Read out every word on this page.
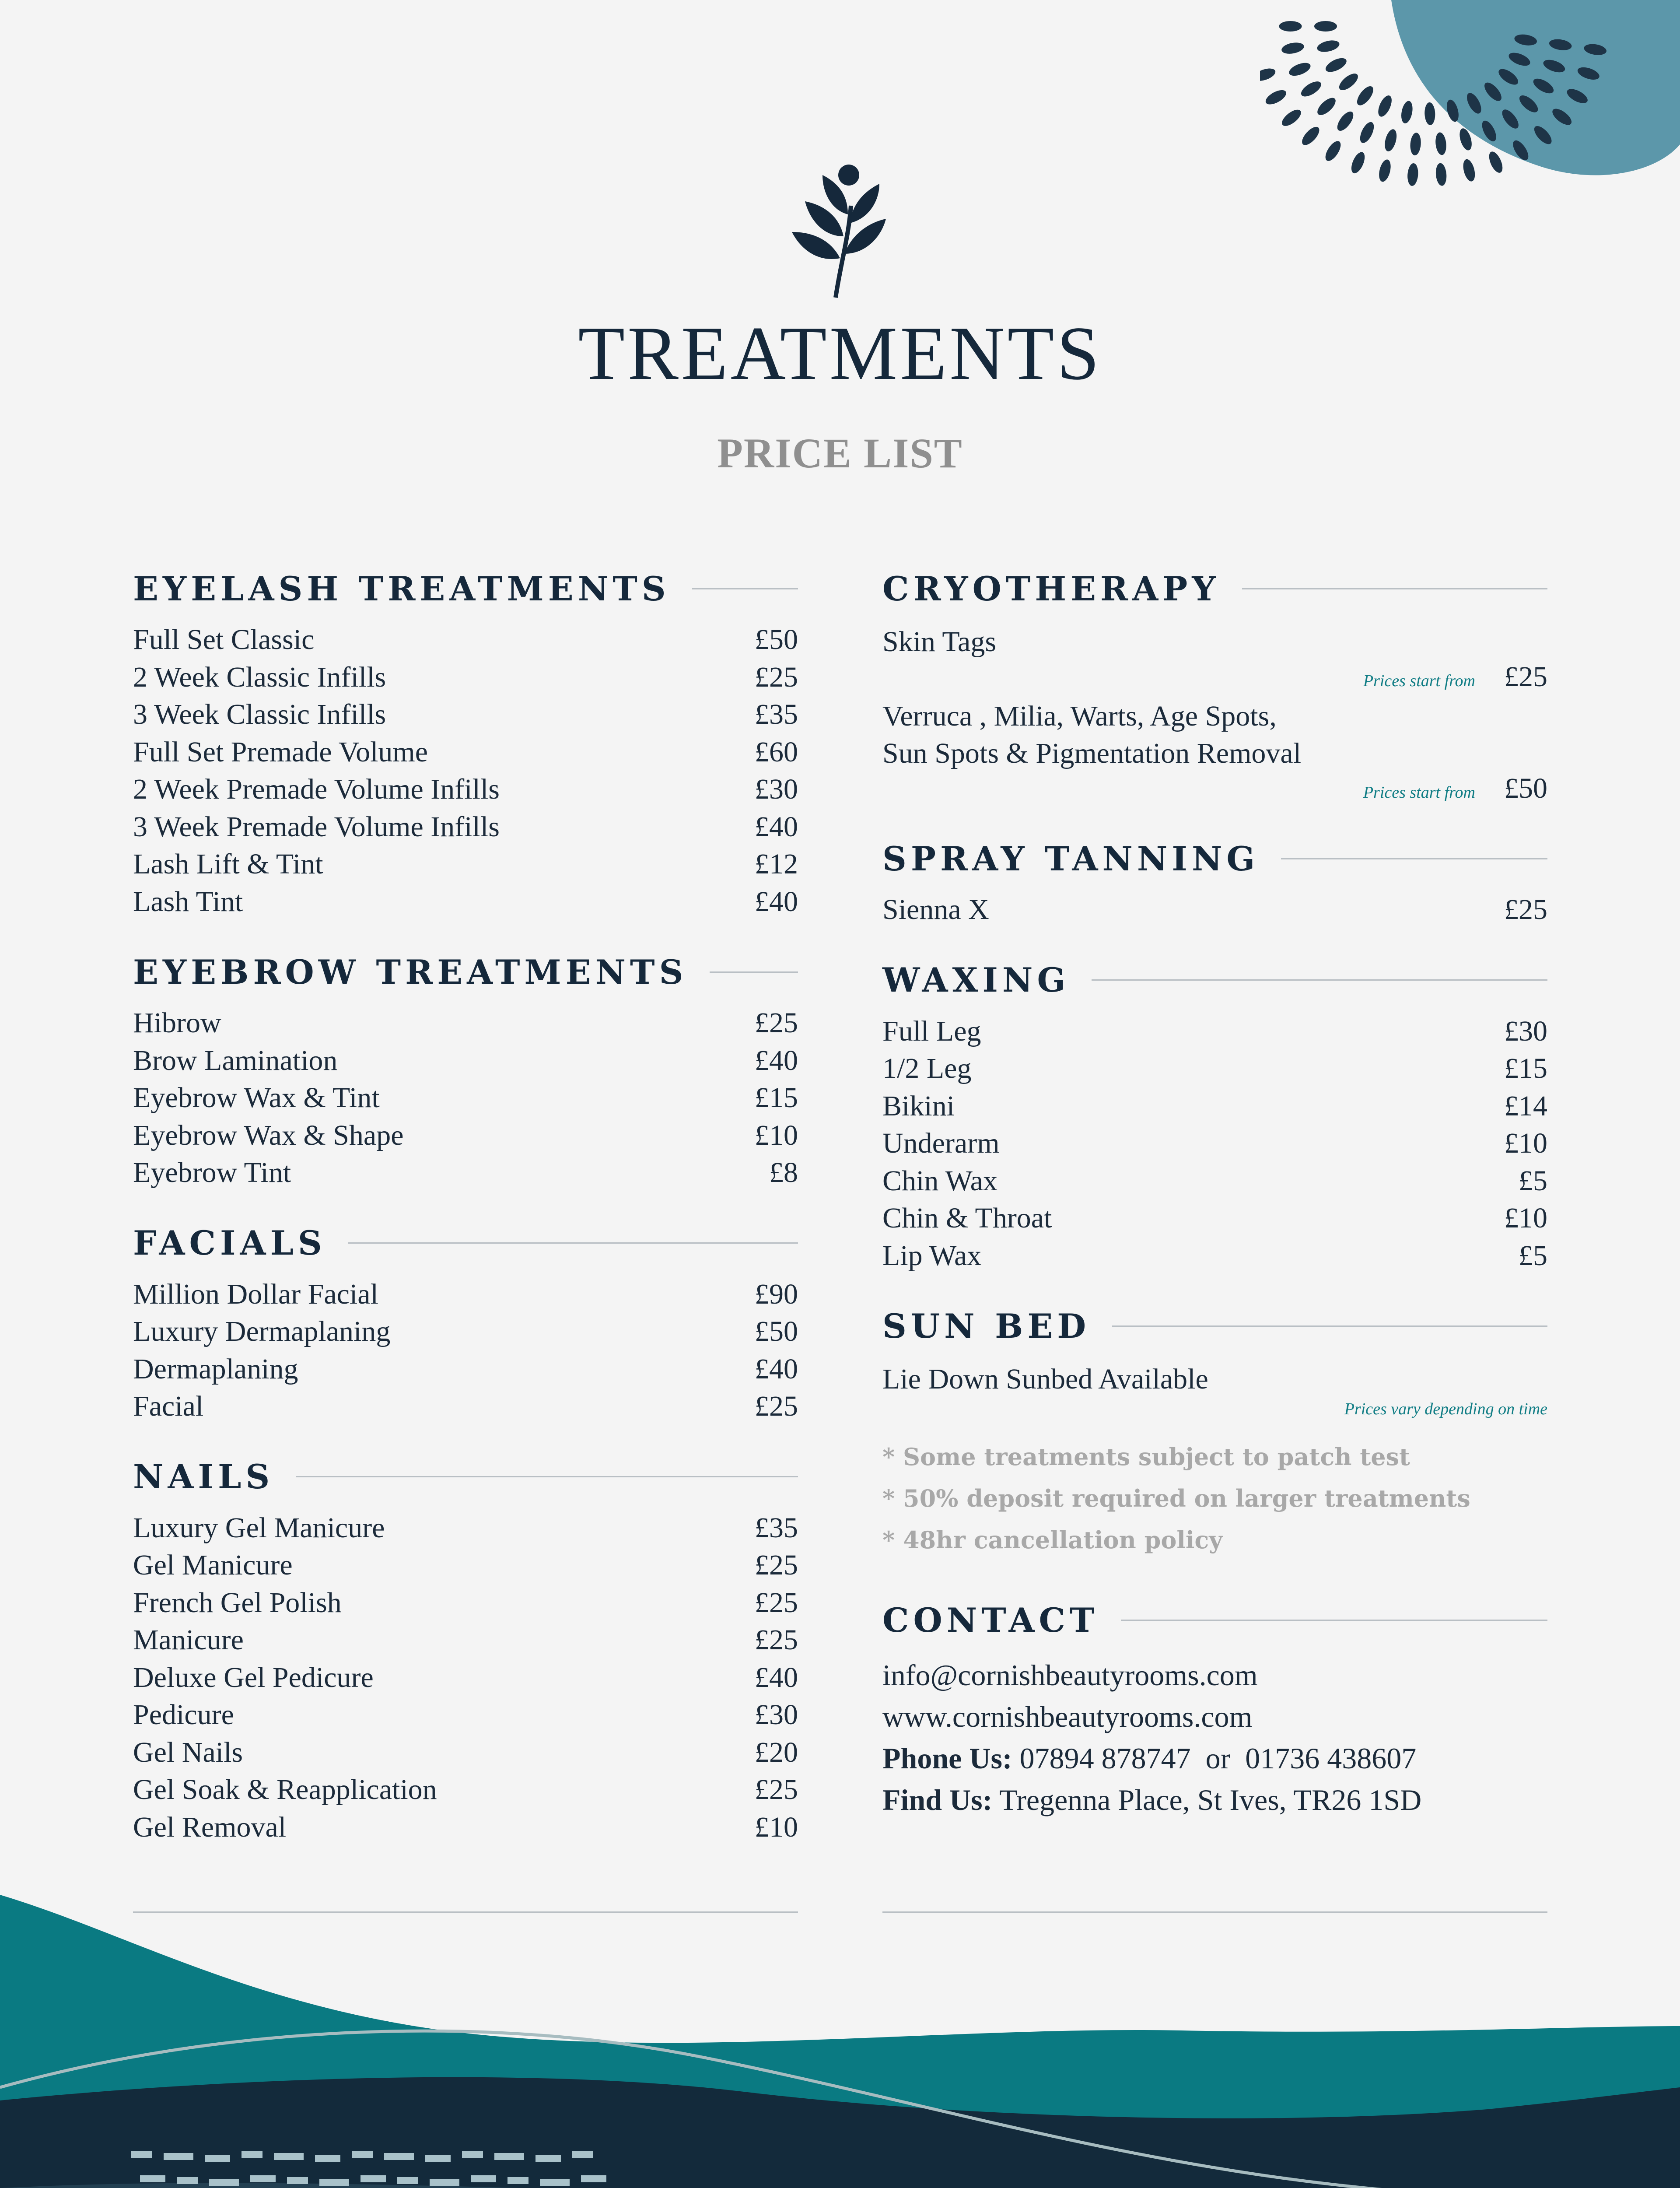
TREATMENTS
PRICE LIST
EYELASH TREATMENTS
Full Set Classic	£50
2 Week Classic Infills	£25
3 Week Classic Infills	£35
Full Set Premade Volume	£60
2 Week Premade Volume Infills	£30
3 Week Premade Volume Infills	£40
Lash Lift & Tint	£12
Lash Tint	£40
EYEBROW TREATMENTS
Hibrow	£25
Brow Lamination	£40
Eyebrow Wax & Tint	£15
Eyebrow Wax & Shape	£10
Eyebrow Tint	£8
FACIALS
Million Dollar Facial	£90
Luxury Dermaplaning	£50
Dermaplaning	£40
Facial	£25
NAILS
Luxury Gel Manicure	£35
Gel Manicure	£25
French Gel Polish	£25
Manicure	£25
Deluxe Gel Pedicure	£40
Pedicure	£30
Gel Nails	£20
Gel Soak & Reapplication	£25
Gel Removal	£10
CRYOTHERAPY
Skin Tags
Prices start from £25
Verruca , Milia, Warts, Age Spots,
Sun Spots & Pigmentation Removal
Prices start from £50
SPRAY TANNING
Sienna X	£25
WAXING
Full Leg	£30
1/2 Leg	£15
Bikini	£14
Underarm	£10
Chin Wax	£5
Chin & Throat	£10
Lip Wax	£5
SUN BED
Lie Down Sunbed Available
Prices vary depending on time
* Some treatments subject to patch test
* 50% deposit required on larger treatments
* 48hr cancellation policy
CONTACT
info@cornishbeautyrooms.com
www.cornishbeautyrooms.com
Phone Us: 07894 878747  or  01736 438607
Find Us: Tregenna Place, St Ives, TR26 1SD
